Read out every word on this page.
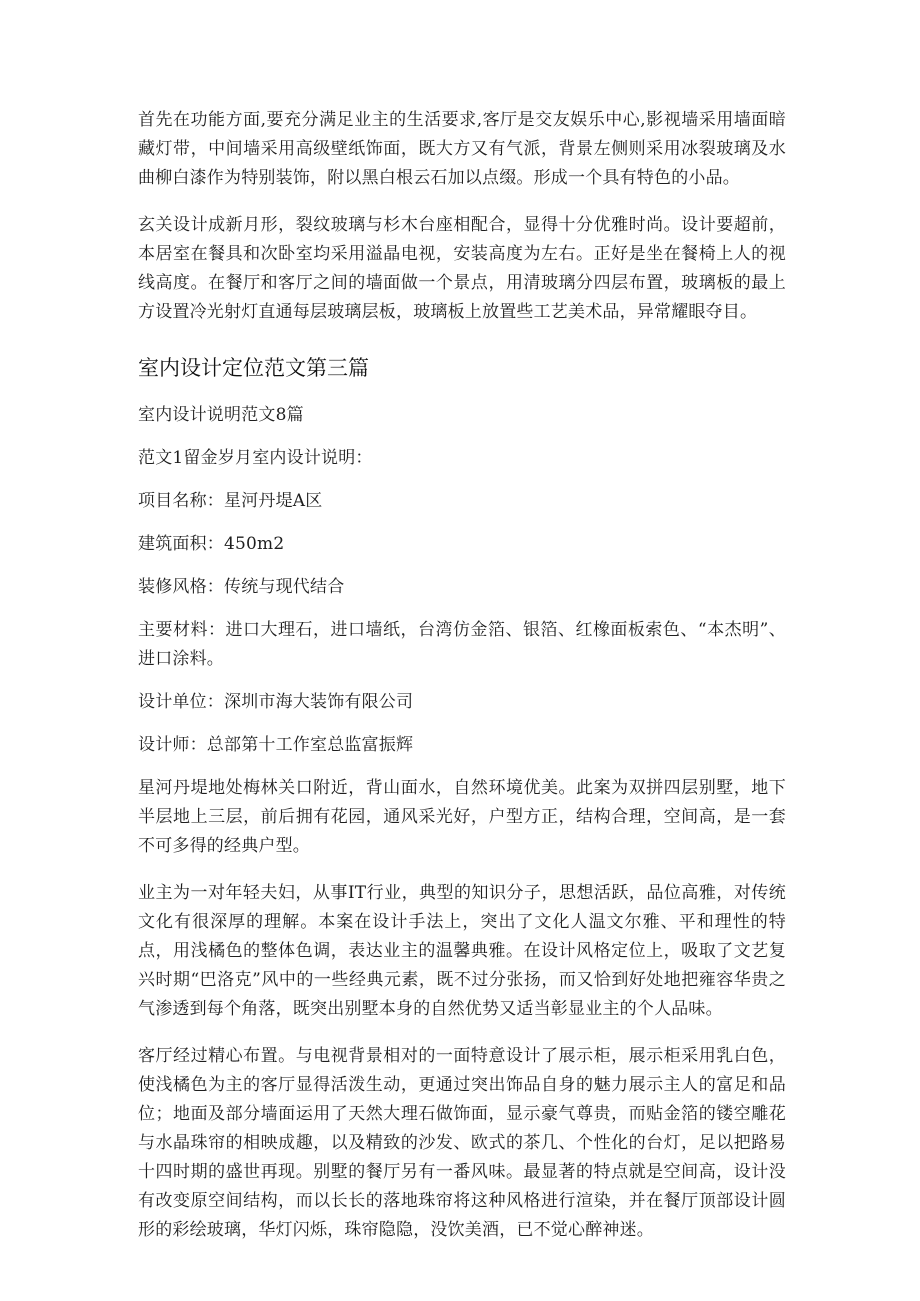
首先在功能方面,要充分满足业主的生活要求,客厅是交友娱乐中心,影视墙采用墙面暗藏灯带，中间墙采用高级壁纸饰面，既大方又有气派，背景左侧则采用冰裂玻璃及水曲柳白漆作为特别装饰，附以黑白根云石加以点缀。形成一个具有特色的小品。

玄关设计成新月形，裂纹玻璃与杉木台座相配合，显得十分优雅时尚。设计要超前，本居室在餐具和次卧室均采用溢晶电视，安装高度为左右。正好是坐在餐椅上人的视线高度。在餐厅和客厅之间的墙面做一个景点，用清玻璃分四层布置，玻璃板的最上方设置冷光射灯直通每层玻璃层板，玻璃板上放置些工艺美术品，异常耀眼夺目。

室内设计定位范文第三篇

室内设计说明范文8篇

范文1留金岁月室内设计说明：

项目名称：星河丹堤A区

建筑面积：450m2

装修风格：传统与现代结合

主要材料：进口大理石，进口墙纸，台湾仿金箔、银箔、红橡面板索色、“本杰明”、进口涂料。

设计单位：深圳市海大装饰有限公司

设计师：总部第十工作室总监富振辉

星河丹堤地处梅林关口附近，背山面水，自然环境优美。此案为双拼四层别墅，地下半层地上三层，前后拥有花园，通风采光好，户型方正，结构合理，空间高，是一套不可多得的经典户型。

业主为一对年轻夫妇，从事IT行业，典型的知识分子，思想活跃，品位高雅，对传统文化有很深厚的理解。本案在设计手法上，突出了文化人温文尔雅、平和理性的特点，用浅橘色的整体色调，表达业主的温馨典雅。在设计风格定位上，吸取了文艺复兴时期“巴洛克”风中的一些经典元素，既不过分张扬，而又恰到好处地把雍容华贵之气渗透到每个角落，既突出别墅本身的自然优势又适当彰显业主的个人品味。

客厅经过精心布置。与电视背景相对的一面特意设计了展示柜，展示柜采用乳白色，使浅橘色为主的客厅显得活泼生动，更通过突出饰品自身的魅力展示主人的富足和品位；地面及部分墙面运用了天然大理石做饰面，显示豪气尊贵，而贴金箔的镂空雕花与水晶珠帘的相映成趣，以及精致的沙发、欧式的茶几、个性化的台灯，足以把路易十四时期的盛世再现。别墅的餐厅另有一番风味。最显著的特点就是空间高，设计没有改变原空间结构，而以长长的落地珠帘将这种风格进行渲染，并在餐厅顶部设计圆形的彩绘玻璃，华灯闪烁，珠帘隐隐，没饮美酒，已不觉心醉神迷。
